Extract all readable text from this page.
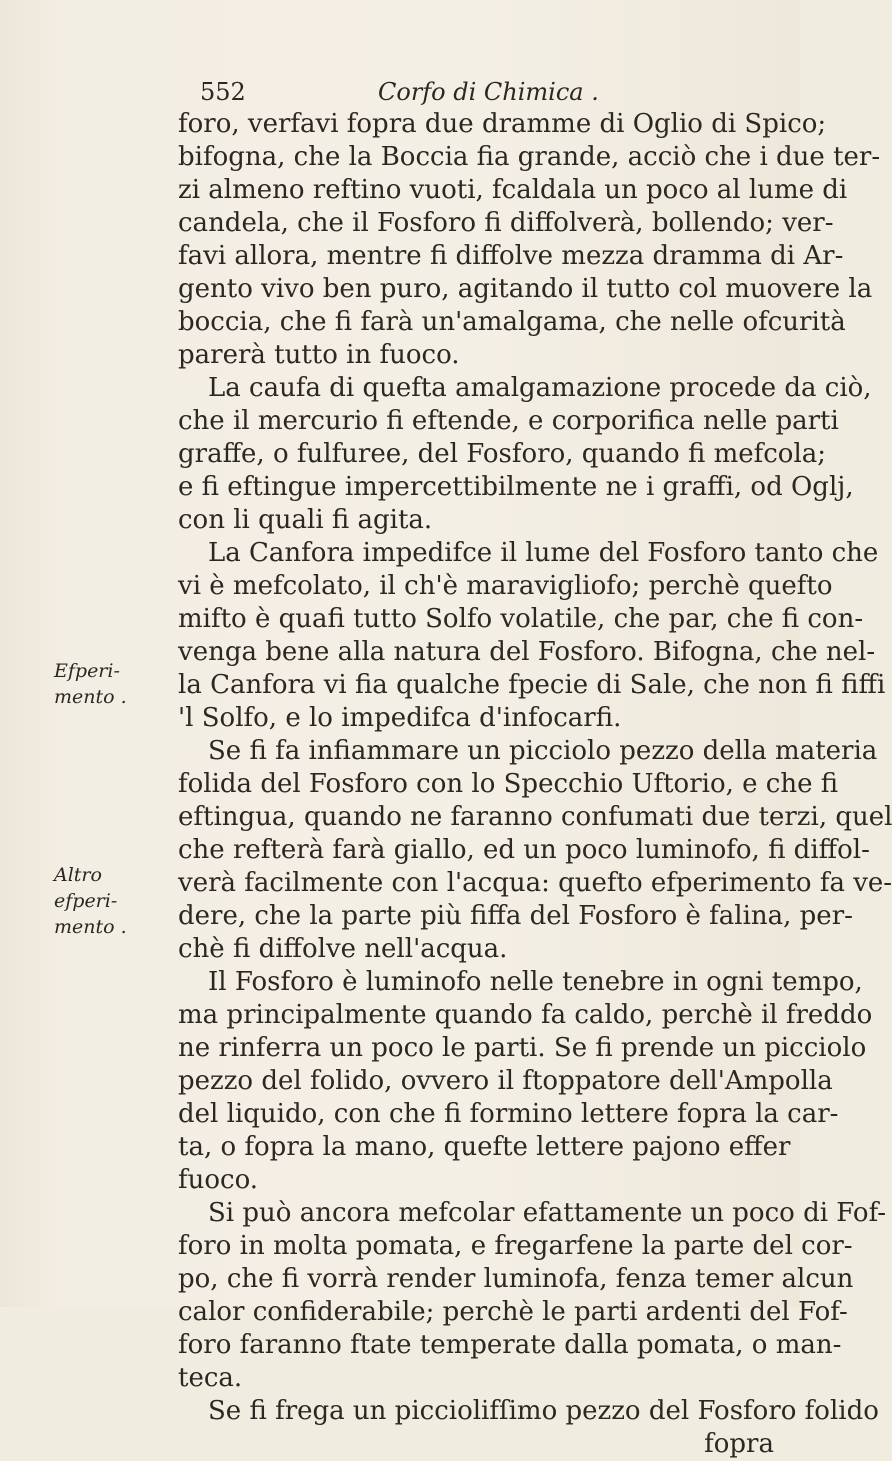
552	Corfo di Chimica .
foro, verfavi fopra due dramme di Oglio di Spico;
bifogna, che la Boccia fia grande, acciò che i due ter-
zi almeno reftino vuoti, fcaldala un poco al lume di
candela, che il Fosforo fi diffolverà, bollendo; ver-
favi allora, mentre fi diffolve mezza dramma di Ar-
gento vivo ben puro, agitando il tutto col muovere la
boccia, che fi farà un'amalgama, che nelle ofcurità
parerà tutto in fuoco.
La caufa di quefta amalgamazione procede da ciò,
che il mercurio fi eftende, e corporifica nelle parti
graffe, o fulfuree, del Fosforo, quando fi mefcola;
e fi eftingue impercettibilmente ne i graffi, od Oglj,
con li quali fi agita.
La Canfora impedifce il lume del Fosforo tanto che
vi è mefcolato, il ch'è maravigliofo; perchè quefto
mifto è quafi tutto Solfo volatile, che par, che fi con-
venga bene alla natura del Fosforo. Bifogna, che nel-
la Canfora vi fia qualche fpecie di Sale, che non fi fiffi
'l Solfo, e lo impedifca d'infocarfi.
Se fi fa infiammare un picciolo pezzo della materia
folida del Fosforo con lo Specchio Uftorio, e che fi
eftingua, quando ne faranno confumati due terzi, quel
che refterà farà giallo, ed un poco luminofo, fi diffol-
verà facilmente con l'acqua: quefto efperimento fa ve-
dere, che la parte più fiffa del Fosforo è falina, per-
chè fi diffolve nell'acqua.
Il Fosforo è luminofo nelle tenebre in ogni tempo,
ma principalmente quando fa caldo, perchè il freddo
ne rinferra un poco le parti. Se fi prende un picciolo
pezzo del folido, ovvero il ftoppatore dell'Ampolla
del liquido, con che fi formino lettere fopra la car-
ta, o fopra la mano, quefte lettere pajono effer
fuoco.
Si può ancora mefcolar efattamente un poco di Fof-
foro in molta pomata, e fregarfene la parte del cor-
po, che fi vorrà render luminofa, fenza temer alcun
calor confiderabile; perchè le parti ardenti del Fof-
foro faranno ftate temperate dalla pomata, o man-
teca.
Se fi frega un picciolifſimo pezzo del Fosforo folido
fopra
Efperi-
mento .
Altro
efperi-
mento .
